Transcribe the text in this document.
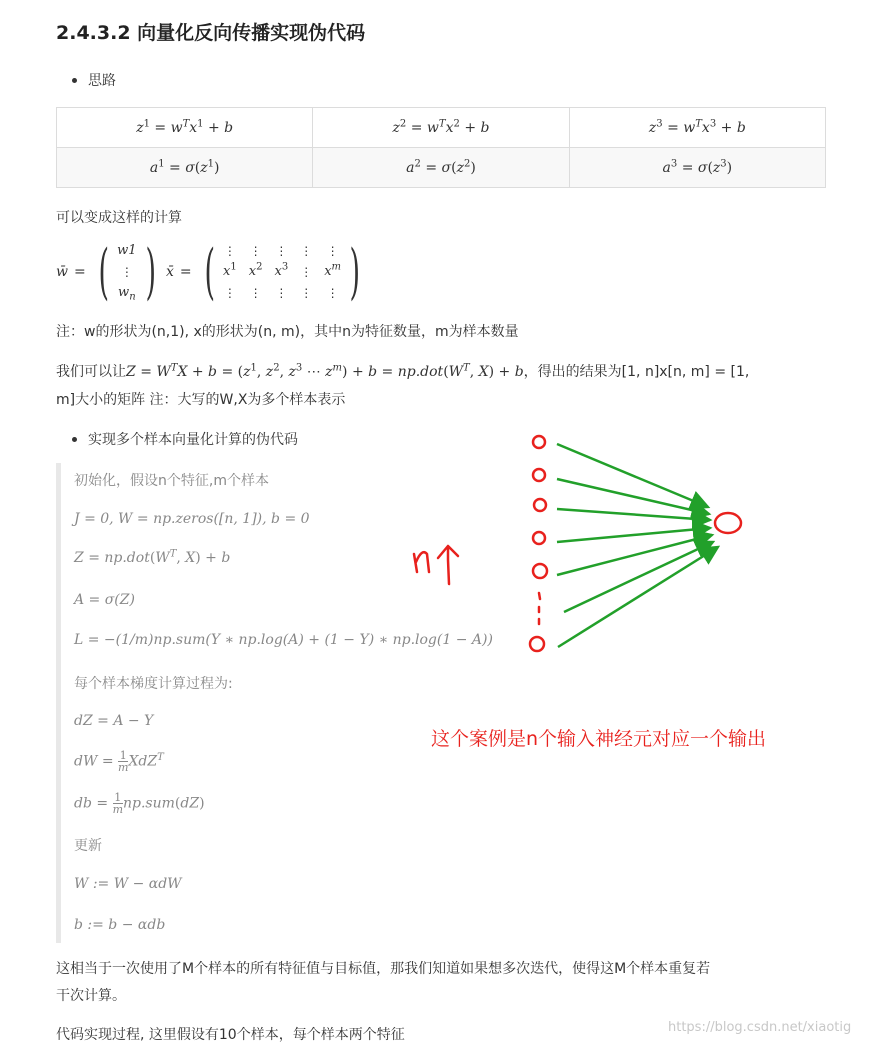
2.4.3.2 向量化反向传播实现伪代码
思路
$z^1 = w^Tx^1 + b$	$z^2 = w^Tx^2 + b$	$z^3 = w^Tx^3 + b$
$a^1 = \sigma(z^1)$	$a^2 = \sigma(z^2)$	$a^3 = \sigma(z^3)$
可以变成这样的计算
w̄ = ( w1
⋮
$w_n$ ) x̄ = ( ⋮
$x^1$
⋮
⋮
$x^2$
⋮
⋮
$x^3$
⋮
⋮
⋮
⋮
⋮
$x^m$
⋮ )
注：w的形状为(n,1), x的形状为(n, m)，其中n为特征数量，m为样本数量
我们可以让$Z = W^TX + b = (z^1$, $z^2$, $z^3$ ⋯ $z^m) + b = np.dot(W^T$, X) + b，得出的结果为[1, n]x[n, m] = [1,
m]大小的矩阵 注：大写的W,X为多个样本表示
实现多个样本向量化计算的伪代码
初始化，假设n个特征,m个样本
J = 0, W = np.zeros([n, 1]), b = 0
$Z = np.dot(W^T$, X) + b
A = σ(Z)
L = −(1/m)np.sum(Y ∗ np.log(A) + (1 − Y) ∗ np.log(1 − A))
每个样本梯度计算过程为:
dZ = A − Y
dW = $\frac{1}{m} XdZ^T$
db = $\frac{1}{m} np.sum(dZ)$
更新
W := W − αdW
b := b − αdb
这个案例是n个输入神经元对应一个输出
这相当于一次使用了M个样本的所有特征值与目标值，那我们知道如果想多次迭代，使得这M个样本重复若
干次计算。
代码实现过程, 这里假设有10个样本，每个样本两个特征	https://blog.csdn.net/xiaotig
